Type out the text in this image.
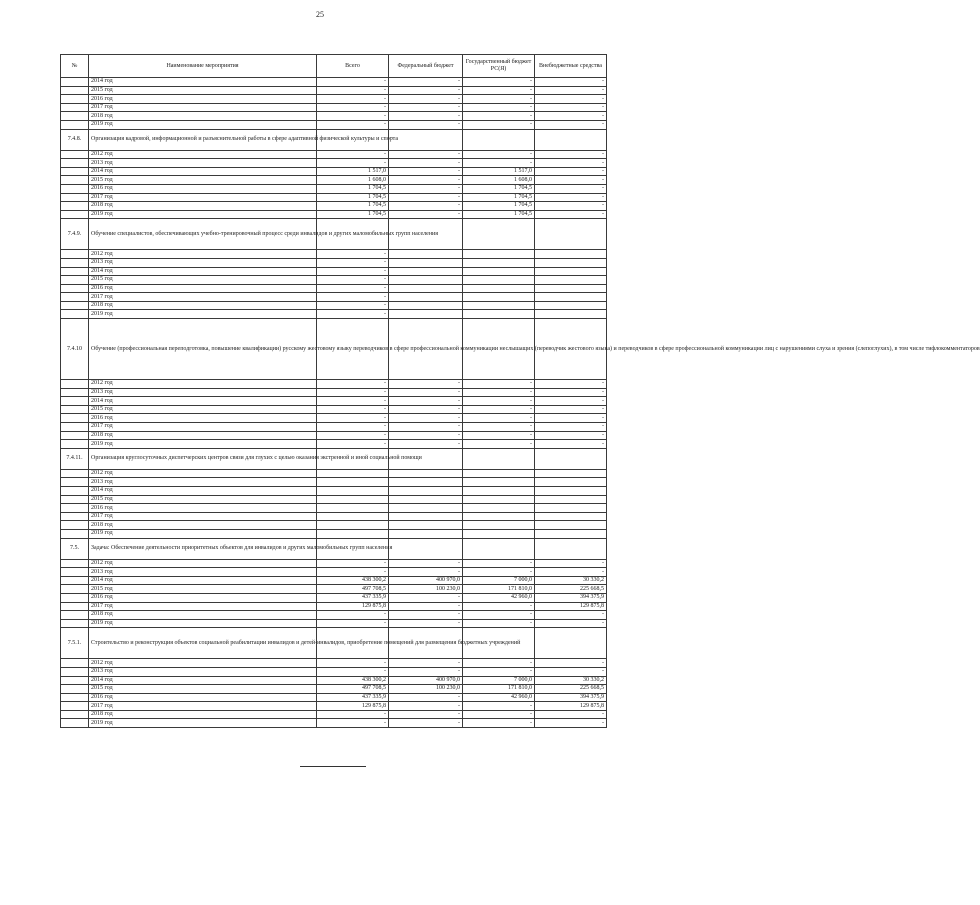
25
№	Наименование мероприятия	Всего	Федеральный бюджет	Государственный бюджет РС(Я)	Внебюджетные средства
	2014 год	-	-	-	-
	2015 год	-	-	-	-
	2016 год	-	-	-	-
	2017 год	-	-	-	-
	2018 год	-	-	-	-
	2019 год	-	-	-	-
7.4.8.	Организация кадровой, информационной и разъяснительной работы в сфере адаптивной физической культуры и спорта				
	2012 год	-	-	-	-
	2013 год	-	-	-	-
	2014 год	1 517,0	-	1 517,0	-
	2015 год	1 608,0	-	1 608,0	-
	2016 год	1 704,5	-	1 704,5	-
	2017 год	1 704,5	-	1 704,5	-
	2018 год	1 704,5	-	1 704,5	-
	2019 год	1 704,5	-	1 704,5	-
7.4.9.	Обучение специалистов, обеспечивающих учебно-тренировочный процесс среди инвалидов и других маломобильных групп населения				
	2012 год	-			
	2013 год	-			
	2014 год	-			
	2015 год	-			
	2016 год	-			
	2017 год	-			
	2018 год	-			
	2019 год	-			
7.4.10	Обучение (профессиональная переподготовка, повышение квалификации) русскому жестовому языку переводчиков в сфере профессиональной коммуникации неслышащих (переводчик жестового языка) и переводчиков в сфере профессиональной коммуникации лиц с нарушениями слуха и зрения (слепоглухих), в том числе тифлокомментаторов				
	2012 год	-	-	-	-
	2013 год	-	-	-	-
	2014 год	-	-	-	-
	2015 год	-	-	-	-
	2016 год	-	-	-	-
	2017 год	-	-	-	-
	2018 год	-	-	-	-
	2019 год	-	-	-	-
7.4.11.	Организация круглосуточных диспетчерских центров связи для глухих с целью оказания экстренной и иной социальной помощи				
	2012 год				
	2013 год				
	2014 год				
	2015 год				
	2016 год				
	2017 год				
	2018 год				
	2019 год				
7.5.	Задача: Обеспечение деятельности приоритетных объектов для инвалидов и других маломобильных групп населения				
	2012 год	-	-	-	-
	2013 год	-	-	-	-
	2014 год	438 300,2	400 970,0	7 000,0	30 330,2
	2015 год	497 708,5	100 230,0	171 810,0	225 668,5
	2016 год	437 335,9	-	42 960,0	394 375,9
	2017 год	129 875,8	-	-	129 875,8
	2018 год	-	-	-	-
	2019 год	-	-	-	-
7.5.1.	Строительство и реконструкция объектов социальной реабилитации инвалидов и детей-инвалидов, приобретение помещений для размещения бюджетных учреждений				
	2012 год	-	-	-	-
	2013 год	-	-	-	-
	2014 год	438 300,2	400 970,0	7 000,0	30 330,2
	2015 год	497 708,5	100 230,0	171 810,0	225 668,5
	2016 год	437 335,9	-	42 960,0	394 375,9
	2017 год	129 875,8	-	-	129 875,8
	2018 год	-	-	-	-
	2019 год	-	-	-	-
